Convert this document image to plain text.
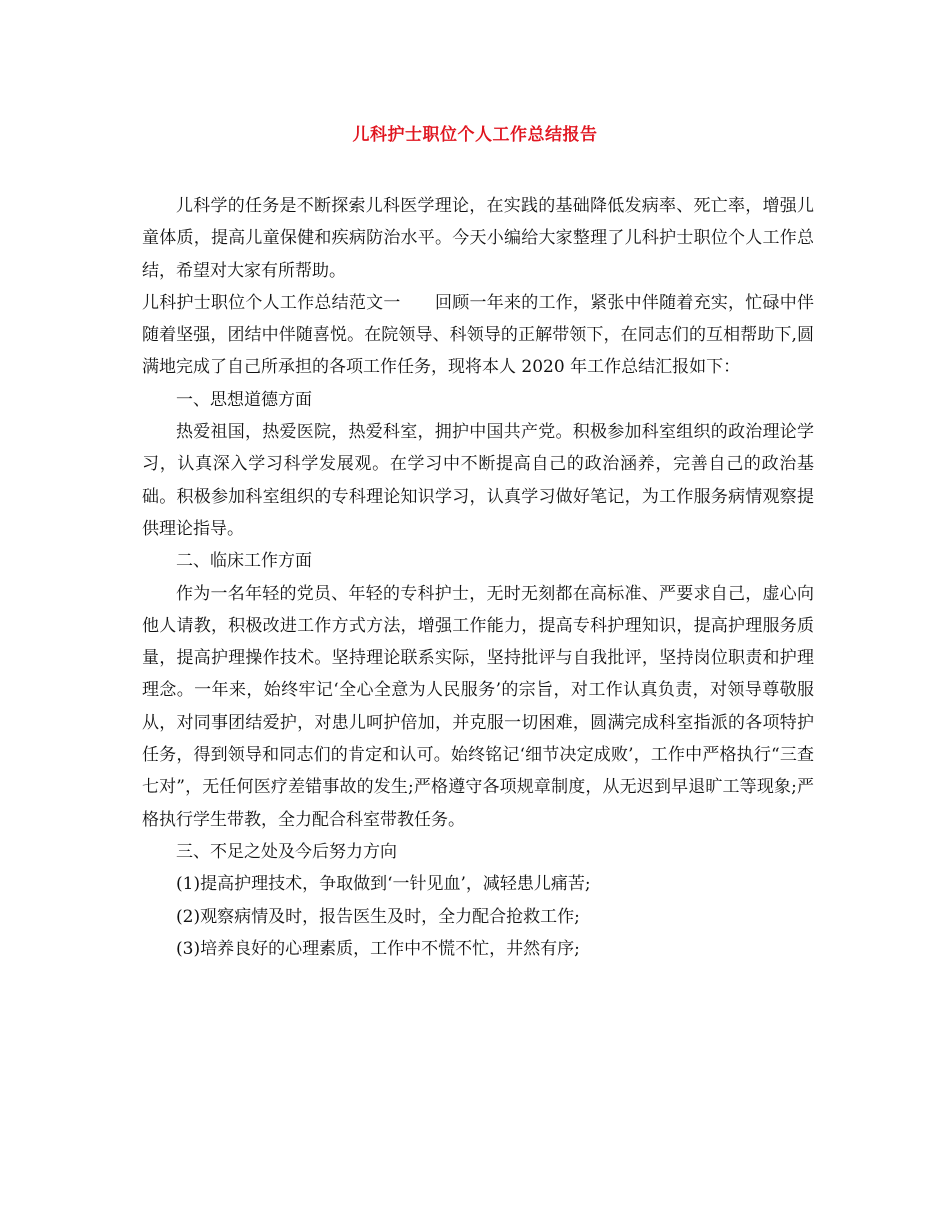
儿科护士职位个人工作总结报告

儿科学的任务是不断探索儿科医学理论，在实践的基础降低发病率、死亡率，增强儿童体质，提高儿童保健和疾病防治水平。今天小编给大家整理了儿科护士职位个人工作总结，希望对大家有所帮助。

儿科护士职位个人工作总结范文一　　回顾一年来的工作，紧张中伴随着充实，忙碌中伴随着坚强，团结中伴随喜悦。在院领导、科领导的正解带领下，在同志们的互相帮助下,圆满地完成了自己所承担的各项工作任务，现将本人 2020 年工作总结汇报如下：

一、思想道德方面

热爱祖国，热爱医院，热爱科室，拥护中国共产党。积极参加科室组织的政治理论学习，认真深入学习科学发展观。在学习中不断提高自己的政治涵养，完善自己的政治基础。积极参加科室组织的专科理论知识学习，认真学习做好笔记，为工作服务病情观察提供理论指导。

二、临床工作方面

作为一名年轻的党员、年轻的专科护士，无时无刻都在高标准、严要求自己，虚心向他人请教，积极改进工作方式方法，增强工作能力，提高专科护理知识，提高护理服务质量，提高护理操作技术。坚持理论联系实际，坚持批评与自我批评，坚持岗位职责和护理理念。一年来，始终牢记‘全心全意为人民服务’的宗旨，对工作认真负责，对领导尊敬服从，对同事团结爱护，对患儿呵护倍加，并克服一切困难，圆满完成科室指派的各项特护任务，得到领导和同志们的肯定和认可。始终铭记‘细节决定成败’，工作中严格执行“三查七对”，无任何医疗差错事故的发生;严格遵守各项规章制度，从无迟到早退旷工等现象;严格执行学生带教，全力配合科室带教任务。

三、不足之处及今后努力方向

(1)提高护理技术，争取做到‘一针见血’，减轻患儿痛苦;

(2)观察病情及时，报告医生及时，全力配合抢救工作;

(3)培养良好的心理素质，工作中不慌不忙，井然有序;
